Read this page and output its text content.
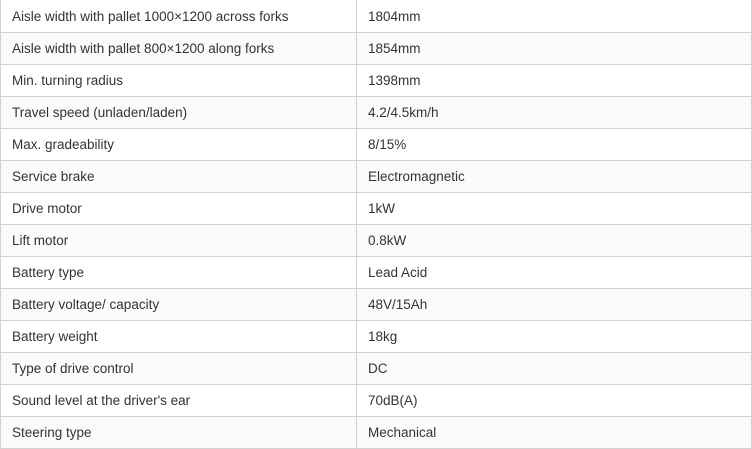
Aisle width with pallet 1000×1200 across forks	1804mm
Aisle width with pallet 800×1200 along forks	1854mm
Min. turning radius	1398mm
Travel speed (unladen/laden)	4.2/4.5km/h
Max. gradeability	8/15%
Service brake	Electromagnetic
Drive motor	1kW
Lift motor	0.8kW
Battery type	Lead Acid
Battery voltage/ capacity	48V/15Ah
Battery weight	18kg
Type of drive control	DC
Sound level at the driver's ear	70dB(A)
Steering type	Mechanical
